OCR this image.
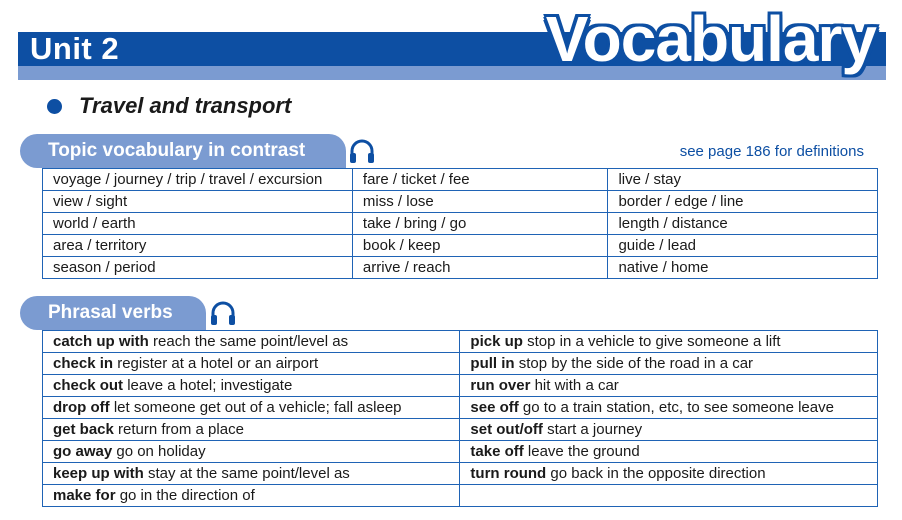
Unit 2	Vocabulary
Travel and transport
Topic vocabulary in contrast	see page 186 for definitions
voyage / journey / trip / travel / excursion	fare / ticket / fee	live / stay
view / sight	miss / lose	border / edge / line
world / earth	take / bring / go	length / distance
area / territory	book / keep	guide / lead
season / period	arrive / reach	native / home
Phrasal verbs
catch up with reach the same point/level as	pick up stop in a vehicle to give someone a lift
check in register at a hotel or an airport	pull in stop by the side of the road in a car
check out leave a hotel; investigate	run over hit with a car
drop off let someone get out of a vehicle; fall asleep	see off go to a train station, etc, to see someone leave
get back return from a place	set out/off start a journey
go away go on holiday	take off leave the ground
keep up with stay at the same point/level as	turn round go back in the opposite direction
make for go in the direction of	
